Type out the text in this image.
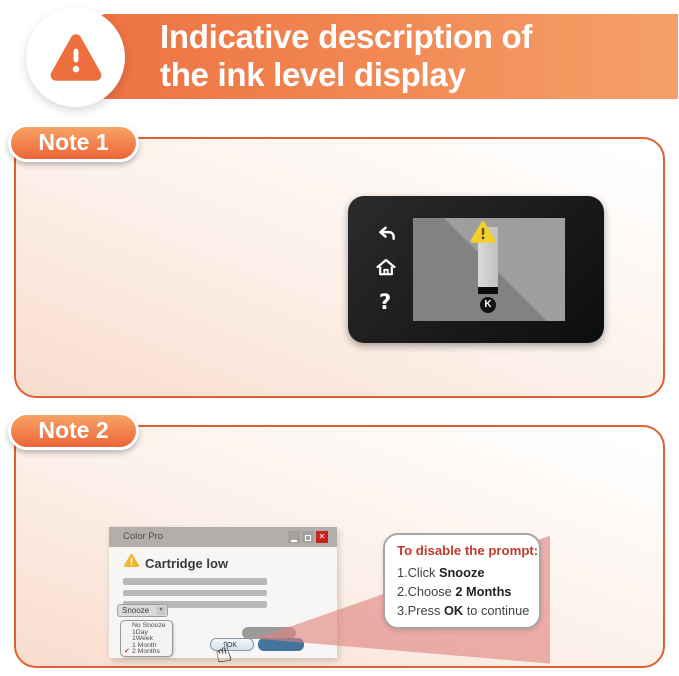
Indicative description of
the ink level display
Note 1
?	K
Note 2
Color Pro
✕
Cartridge low
Snooze
▼
No Snooze
1Day
1Week
1 Month
✓ 2 Months
OK
To disable the prompt:
1.Click Snooze
2.Choose 2 Months
3.Press OK to continue
☝
